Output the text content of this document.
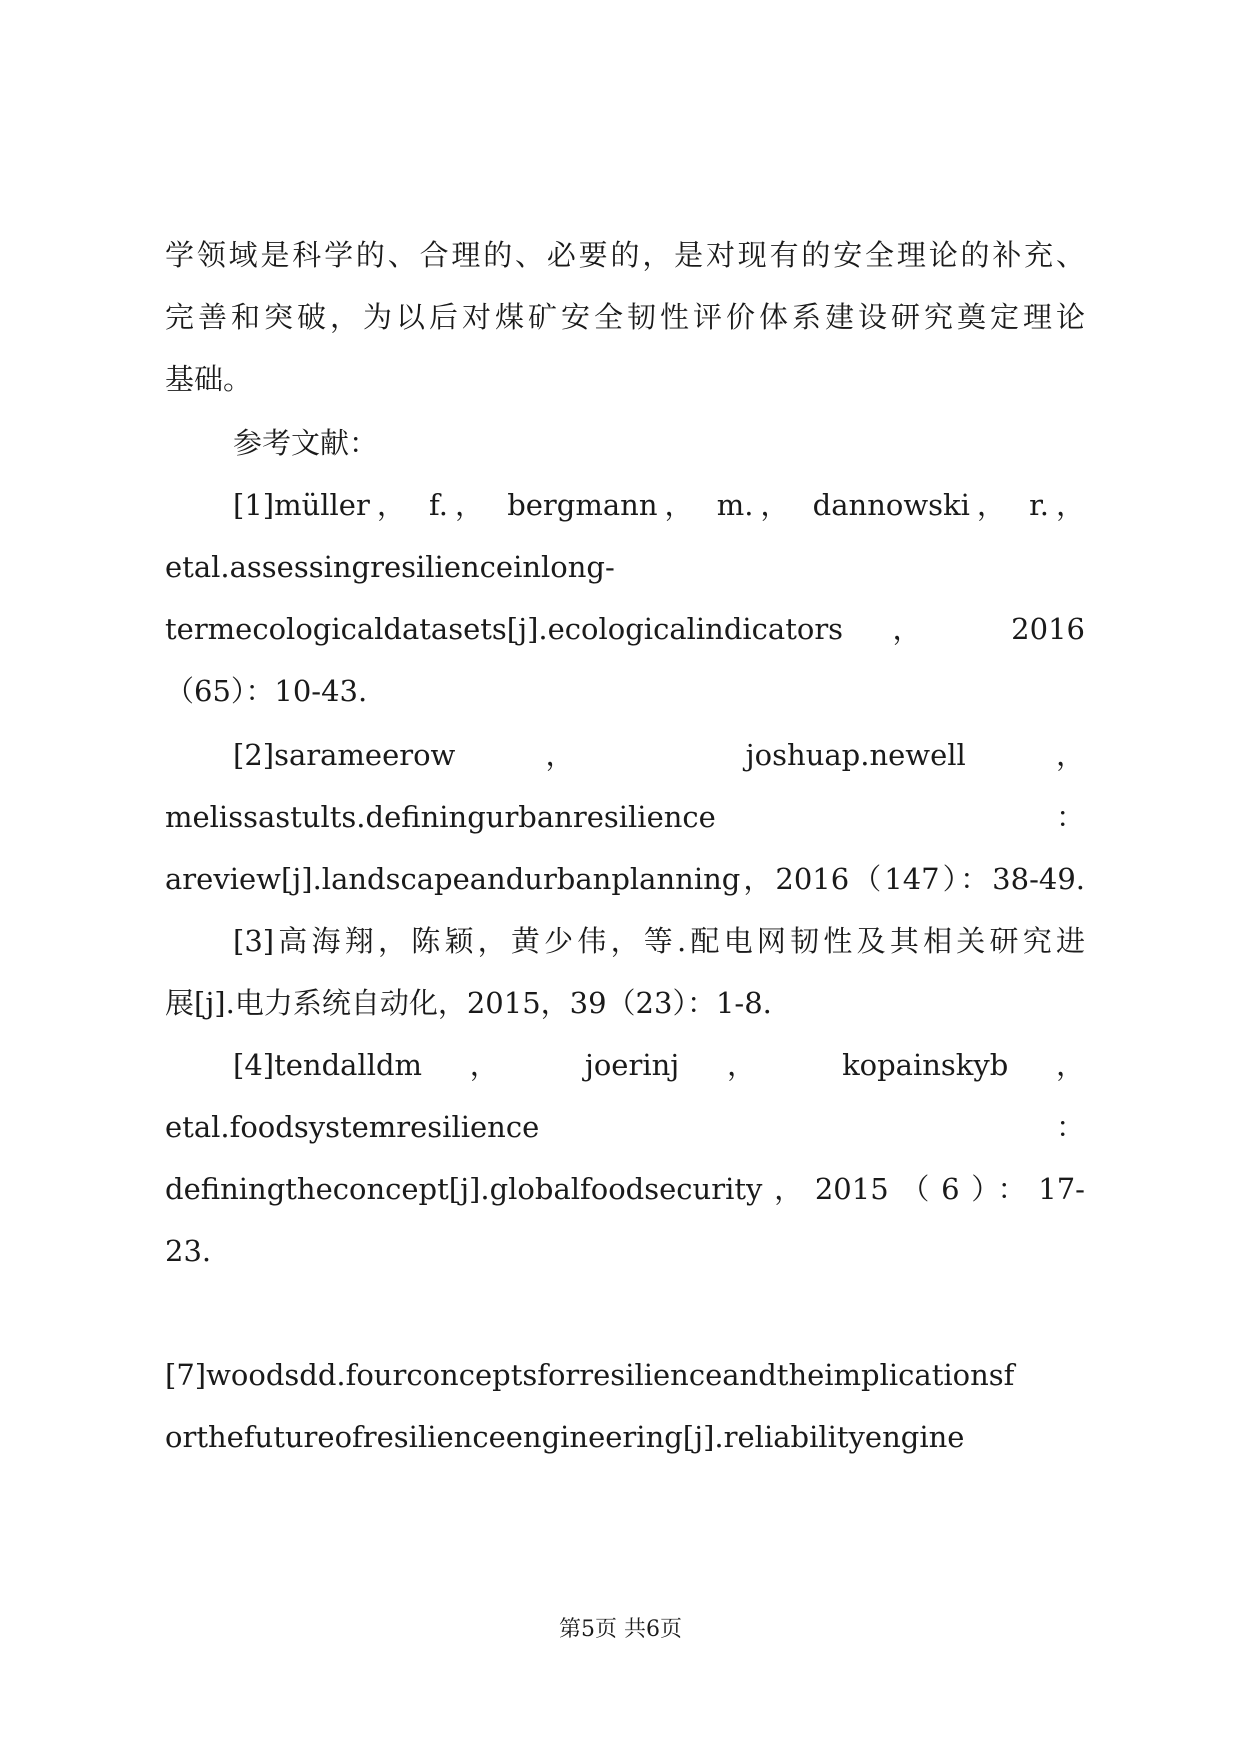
学领域是科学的、合理的、必要的，是对现有的安全理论的补充、
完善和突破，为以后对煤矿安全韧性评价体系建设研究奠定理论
基础。
参考文献：
[1]müller， f.， bergmann， m.， dannowski， r.，
etal.assessingresilienceinlong-
termecologicaldatasets[j].ecologicalindicators ， 2016
（65）：10-43.
[2]sarameerow ， joshuap.newell ，
melissastults.definingurbanresilience ：
areview[j].landscapeandurbanplanning，2016（147）：38-49.
[3]高海翔，陈颖，黄少伟，等.配电网韧性及其相关研究进
展[j].电力系统自动化，2015，39（23）：1-8.
[4]tendalldm ， joerinj ， kopainskyb ，
etal.foodsystemresilience ：
definingtheconcept[j].globalfoodsecurity，2015（6）：17-
23.
[7]woodsdd.fourconceptsforresilienceandtheimplicationsf
orthefutureofresilienceengineering[j].reliabilityengine
第5页 共6页
